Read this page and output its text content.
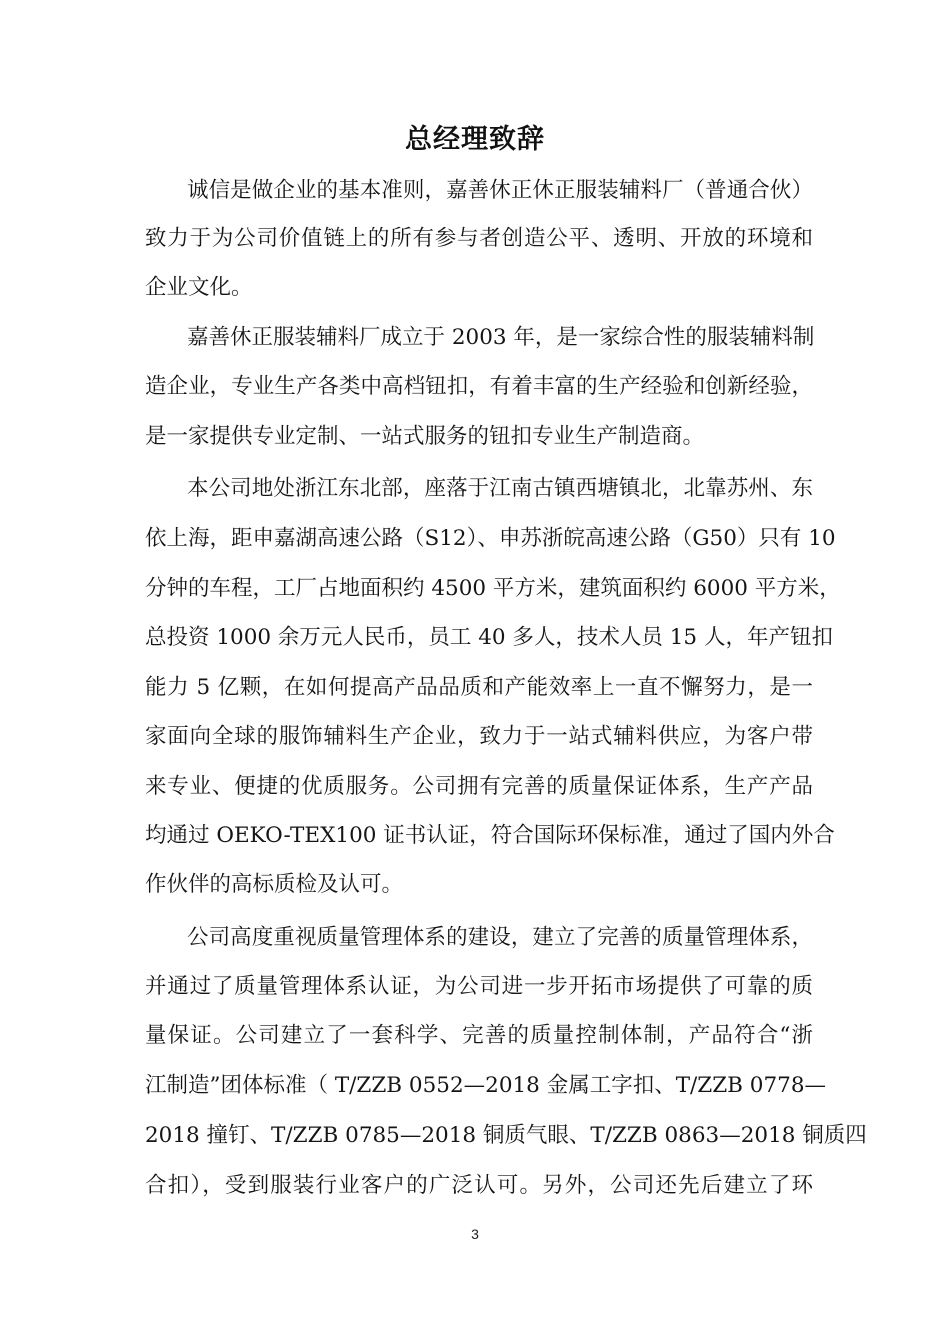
总经理致辞
诚信是做企业的基本准则，嘉善休正休正服装辅料厂（普通合伙）
致力于为公司价值链上的所有参与者创造公平、透明、开放的环境和
企业文化。
嘉善休正服装辅料厂成立于 2003 年，是一家综合性的服装辅料制
造企业，专业生产各类中高档钮扣，有着丰富的生产经验和创新经验，
是一家提供专业定制、一站式服务的钮扣专业生产制造商。
本公司地处浙江东北部，座落于江南古镇西塘镇北，北靠苏州、东
依上海，距申嘉湖高速公路（S12）、申苏浙皖高速公路（G50）只有 10
分钟的车程，工厂占地面积约 4500 平方米，建筑面积约 6000 平方米，
总投资 1000 余万元人民币，员工 40 多人，技术人员 15 人，年产钮扣
能力 5 亿颗，在如何提高产品品质和产能效率上一直不懈努力，是一
家面向全球的服饰辅料生产企业，致力于一站式辅料供应，为客户带
来专业、便捷的优质服务。公司拥有完善的质量保证体系，生产产品
均通过 OEKO-TEX100 证书认证，符合国际环保标准，通过了国内外合
作伙伴的高标质检及认可。
公司高度重视质量管理体系的建设，建立了完善的质量管理体系，
并通过了质量管理体系认证，为公司进一步开拓市场提供了可靠的质
量保证。公司建立了一套科学、完善的质量控制体制，产品符合“浙
江制造”团体标准（ T/ZZB 0552—2018 金属工字扣、T/ZZB 0778—
2018 撞钉、T/ZZB 0785—2018 铜质气眼、T/ZZB 0863—2018 铜质四
合扣），受到服装行业客户的广泛认可。另外，公司还先后建立了环
3
